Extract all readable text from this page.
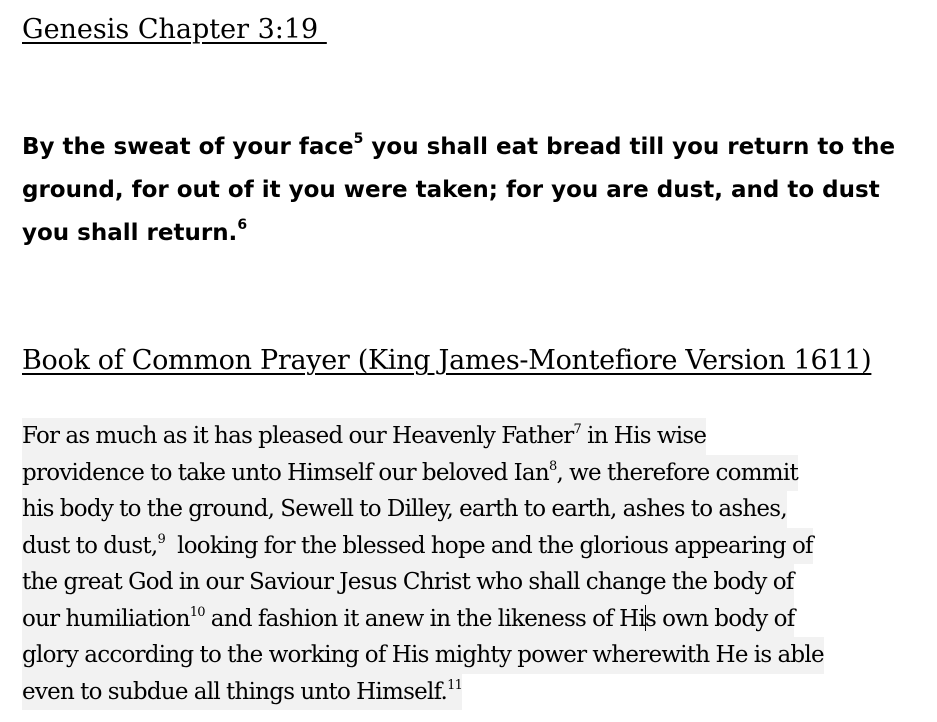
Genesis Chapter 3:19

By the sweat of your face$^5$ you shall eat bread till you return to the ground, for out of it you were taken; for you are dust, and to dust you shall return.$^6$

Book of Common Prayer (King James-Montefiore Version 1611)
For as much as it has pleased our Heavenly Father$^7$ in His wise
providence to take unto Himself our beloved Ian$^8$, we therefore commit
his body to the ground, Sewell to Dilley, earth to earth, ashes to ashes,
dust to dust,$^9$  looking for the blessed hope and the glorious appearing of
the great God in our Saviour Jesus Christ who shall change the body of
our humiliation$^{10}$ and fashion it anew in the likeness of His own body of
glory according to the working of His mighty power wherewith He is able
even to subdue all things unto Himself.$^{11}$
